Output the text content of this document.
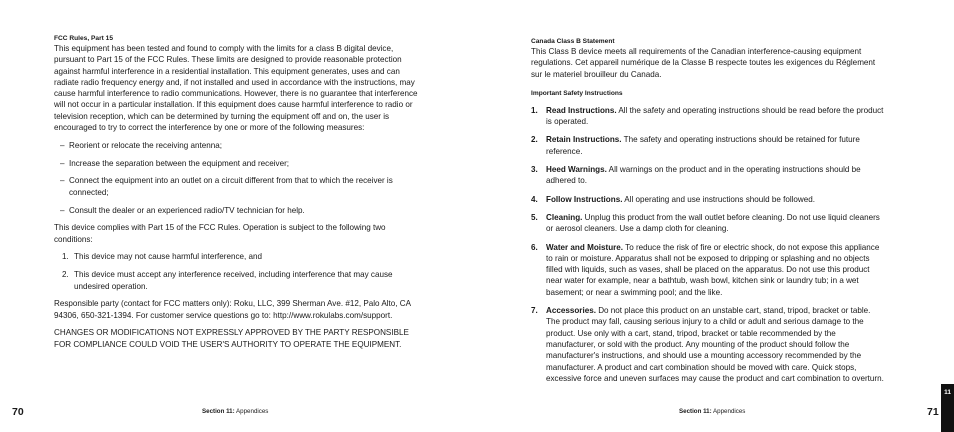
FCC Rules, Part 15

This equipment has been tested and found to comply with the limits for a class B digital device, pursuant to Part 15 of the FCC Rules. These limits are designed to provide reasonable protection against harmful interference in a residential installation. This equipment generates, uses and can radiate radio frequency energy and, if not installed and used in accordance with the instructions, may cause harmful interference to radio communications. However, there is no guarantee that interference will not occur in a particular installation. If this equipment does cause harmful interference to radio or television reception, which can be determined by turning the equipment off and on, the user is encouraged to try to correct the interference by one or more of the following measures:

– Reorient or relocate the receiving antenna;
– Increase the separation between the equipment and receiver;
– Connect the equipment into an outlet on a circuit different from that to which the receiver is connected;
– Consult the dealer or an experienced radio/TV technician for help.

This device complies with Part 15 of the FCC Rules. Operation is subject to the following two conditions:

1. This device may not cause harmful interference, and
2. This device must accept any interference received, including interference that may cause undesired operation.

Responsible party (contact for FCC matters only): Roku, LLC, 399 Sherman Ave. #12, Palo Alto, CA 94306, 650-321-1394. For customer service questions go to: http://www.rokulabs.com/support.

CHANGES OR MODIFICATIONS NOT EXPRESSLY APPROVED BY THE PARTY RESPONSIBLE FOR COMPLIANCE COULD VOID THE USER'S AUTHORITY TO OPERATE THE EQUIPMENT.

70	Section 11: Appendices

Canada Class B Statement

This Class B device meets all requirements of the Canadian interference-causing equipment regulations. Cet appareil numérique de la Classe B respecte toutes les exigences du Réglement sur le materiel brouilleur du Canada.

Important Safety Instructions

1.	Read Instructions. All the safety and operating instructions should be read before the product is operated.
2.	Retain Instructions. The safety and operating instructions should be retained for future reference.
3.	Heed Warnings. All warnings on the product and in the operating instructions should be adhered to.
4.	Follow Instructions. All operating and use instructions should be followed.
5.	Cleaning. Unplug this product from the wall outlet before cleaning. Do not use liquid cleaners or aerosol cleaners. Use a damp cloth for cleaning.
6.	Water and Moisture. To reduce the risk of fire or electric shock, do not expose this appliance to rain or moisture. Apparatus shall not be exposed to dripping or splashing and no objects filled with liquids, such as vases, shall be placed on the apparatus. Do not use this product near water for example, near a bathtub, wash bowl, kitchen sink or laundry tub; in a wet basement; or near a swimming pool; and the like.
7.	Accessories. Do not place this product on an unstable cart, stand, tripod, bracket or table. The product may fall, causing serious injury to a child or adult and serious damage to the product. Use only with a cart, stand, tripod, bracket or table recommended by the manufacturer, or sold with the product. Any mounting of the product should follow the manufacturer's instructions, and should use a mounting accessory recommended by the manufacturer. A product and cart combination should be moved with care. Quick stops, excessive force and uneven surfaces may cause the product and cart combination to overturn.
Section 11: Appendices	71
11
